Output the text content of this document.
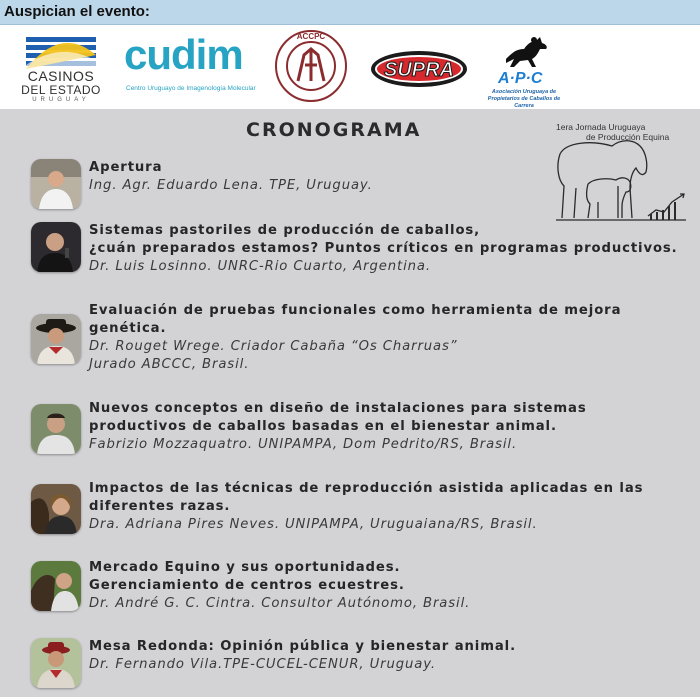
Auspician el evento:
CASINOS
DEL ESTADO
URUGUAY
cudim
Centro Uruguayo de Imagenología Molecular
ACCPC
SUPRA	A·P·C
Asociación Uruguaya de
Propietarios de Caballos de Carrera
CRONOGRAMA	1era Jornada Uruguaya
de Producción Equina
Apertura
Ing. Agr. Eduardo Lena. TPE, Uruguay.
Sistemas pastoriles de producción de caballos,
¿cuán preparados estamos? Puntos críticos en programas productivos.
Dr. Luis Losinno. UNRC-Rio Cuarto, Argentina.
Evaluación de pruebas funcionales como herramienta de mejora
genética.
Dr. Rouget Wrege. Criador Cabaña “Os Charruas”
Jurado ABCCC, Brasil.
Nuevos conceptos en diseño de instalaciones para sistemas
productivos de caballos basadas en el bienestar animal.
Fabrizio Mozzaquatro. UNIPAMPA, Dom Pedrito/RS, Brasil.
Impactos de las técnicas de reproducción asistida aplicadas en las
diferentes razas.
Dra. Adriana Pires Neves. UNIPAMPA, Uruguaiana/RS, Brasil.
Mercado Equino y sus oportunidades.
Gerenciamiento de centros ecuestres.
Dr. André G. C. Cintra. Consultor Autónomo, Brasil.
Mesa Redonda: Opinión pública y bienestar animal.
Dr. Fernando Vila.TPE-CUCEL-CENUR, Uruguay.
